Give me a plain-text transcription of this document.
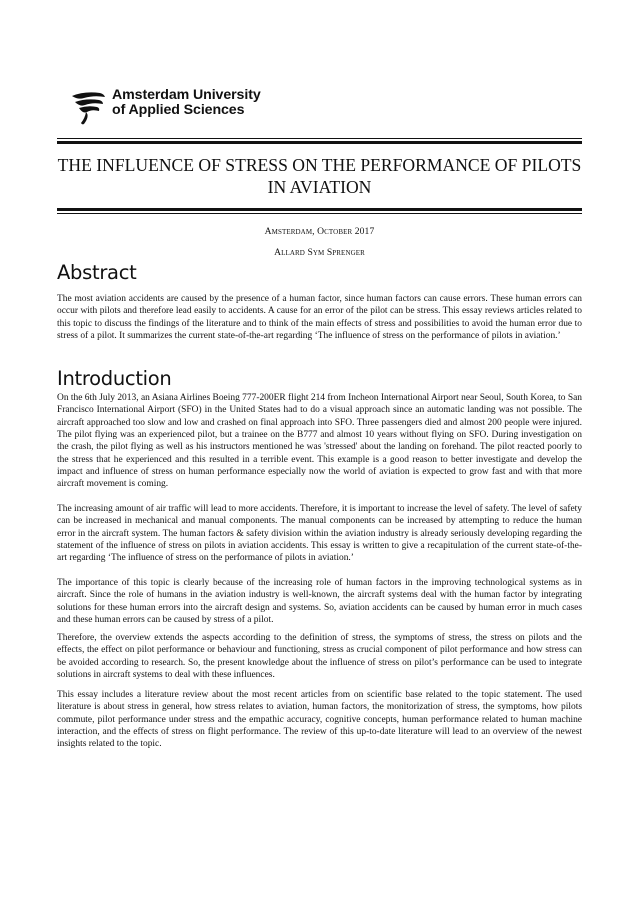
Amsterdam University
of Applied Sciences
THE INFLUENCE OF STRESS ON THE PERFORMANCE OF PILOTS IN AVIATION
Amsterdam, October 2017
Allard Sym Sprenger
Abstract

The most aviation accidents are caused by the presence of a human factor, since human factors can cause errors. These human errors can occur with pilots and therefore lead easily to accidents. A cause for an error of the pilot can be stress. This essay reviews articles related to this topic to discuss the findings of the literature and to think of the main effects of stress and possibilities to avoid the human error due to stress of a pilot. It summarizes the current state-of-the-art regarding ‘The influence of stress on the performance of pilots in aviation.’

Introduction

On the 6th July 2013, an Asiana Airlines Boeing 777-200ER flight 214 from Incheon International Airport near Seoul, South Korea, to San Francisco International Airport (SFO) in the United States had to do a visual approach since an automatic landing was not possible. The aircraft approached too slow and low and crashed on final approach into SFO. Three passengers died and almost 200 people were injured. The pilot flying was an experienced pilot, but a trainee on the B777 and almost 10 years without flying on SFO. During investigation on the crash, the pilot flying as well as his instructors mentioned he was 'stressed' about the landing on forehand. The pilot reacted poorly to the stress that he experienced and this resulted in a terrible event. This example is a good reason to better investigate and develop the impact and influence of stress on human performance especially now the world of aviation is expected to grow fast and with that more aircraft movement is coming.

The increasing amount of air traffic will lead to more accidents. Therefore, it is important to increase the level of safety. The level of safety can be increased in mechanical and manual components. The manual components can be increased by attempting to reduce the human error in the aircraft system. The human factors & safety division within the aviation industry is already seriously developing regarding the statement of the influence of stress on pilots in aviation accidents. This essay is written to give a recapitulation of the current state-of-the-art regarding ‘The influence of stress on the performance of pilots in aviation.’

The importance of this topic is clearly because of the increasing role of human factors in the improving technological systems as in aircraft. Since the role of humans in the aviation industry is well-known, the aircraft systems deal with the human factor by integrating solutions for these human errors into the aircraft design and systems. So, aviation accidents can be caused by human error in much cases and these human errors can be caused by stress of a pilot.

Therefore, the overview extends the aspects according to the definition of stress, the symptoms of stress, the stress on pilots and the effects, the effect on pilot performance or behaviour and functioning, stress as crucial component of pilot performance and how stress can be avoided according to research. So, the present knowledge about the influence of stress on pilot’s performance can be used to integrate solutions in aircraft systems to deal with these influences.

This essay includes a literature review about the most recent articles from on scientific base related to the topic statement. The used literature is about stress in general, how stress relates to aviation, human factors, the monitorization of stress, the symptoms, how pilots commute, pilot performance under stress and the empathic accuracy, cognitive concepts, human performance related to human machine interaction, and the effects of stress on flight performance. The review of this up-to-date literature will lead to an overview of the newest insights related to the topic.
